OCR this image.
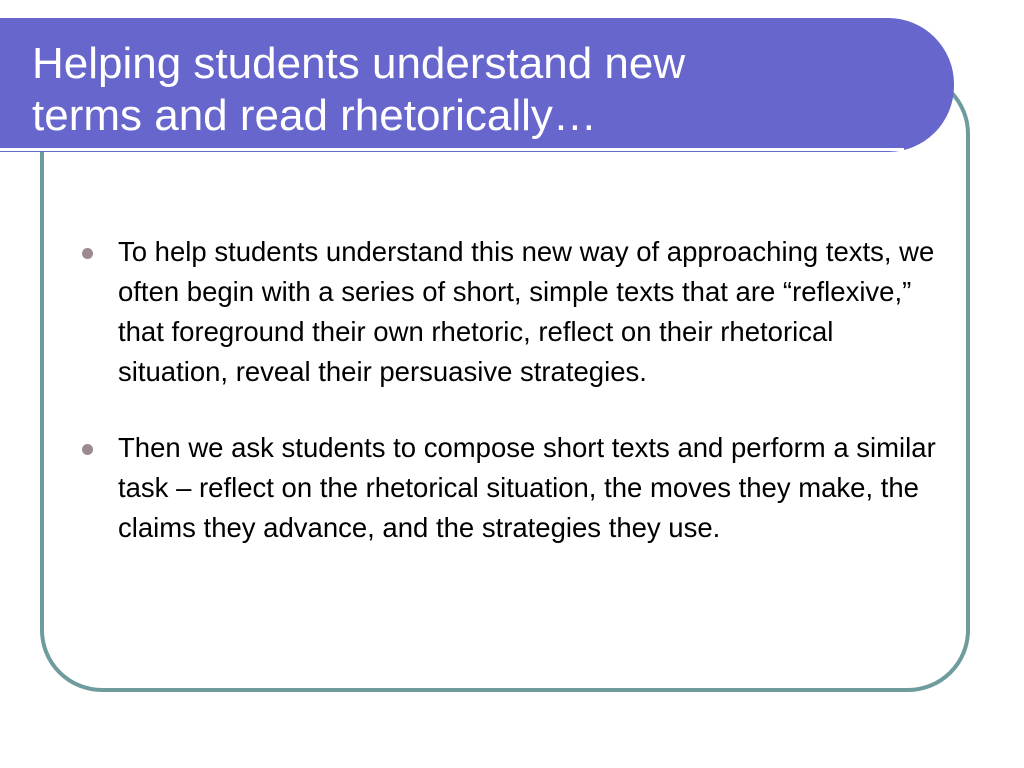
Helping students understand new
terms and read rhetorically…
To help students understand this new way of approaching texts, we often begin with a series of short, simple texts that are “reflexive,” that foreground their own rhetoric, reflect on their rhetorical situation, reveal their persuasive strategies.
Then we ask students to compose short texts and perform a similar task – reflect on the rhetorical situation, the moves they make, the claims they advance, and the strategies they use.
